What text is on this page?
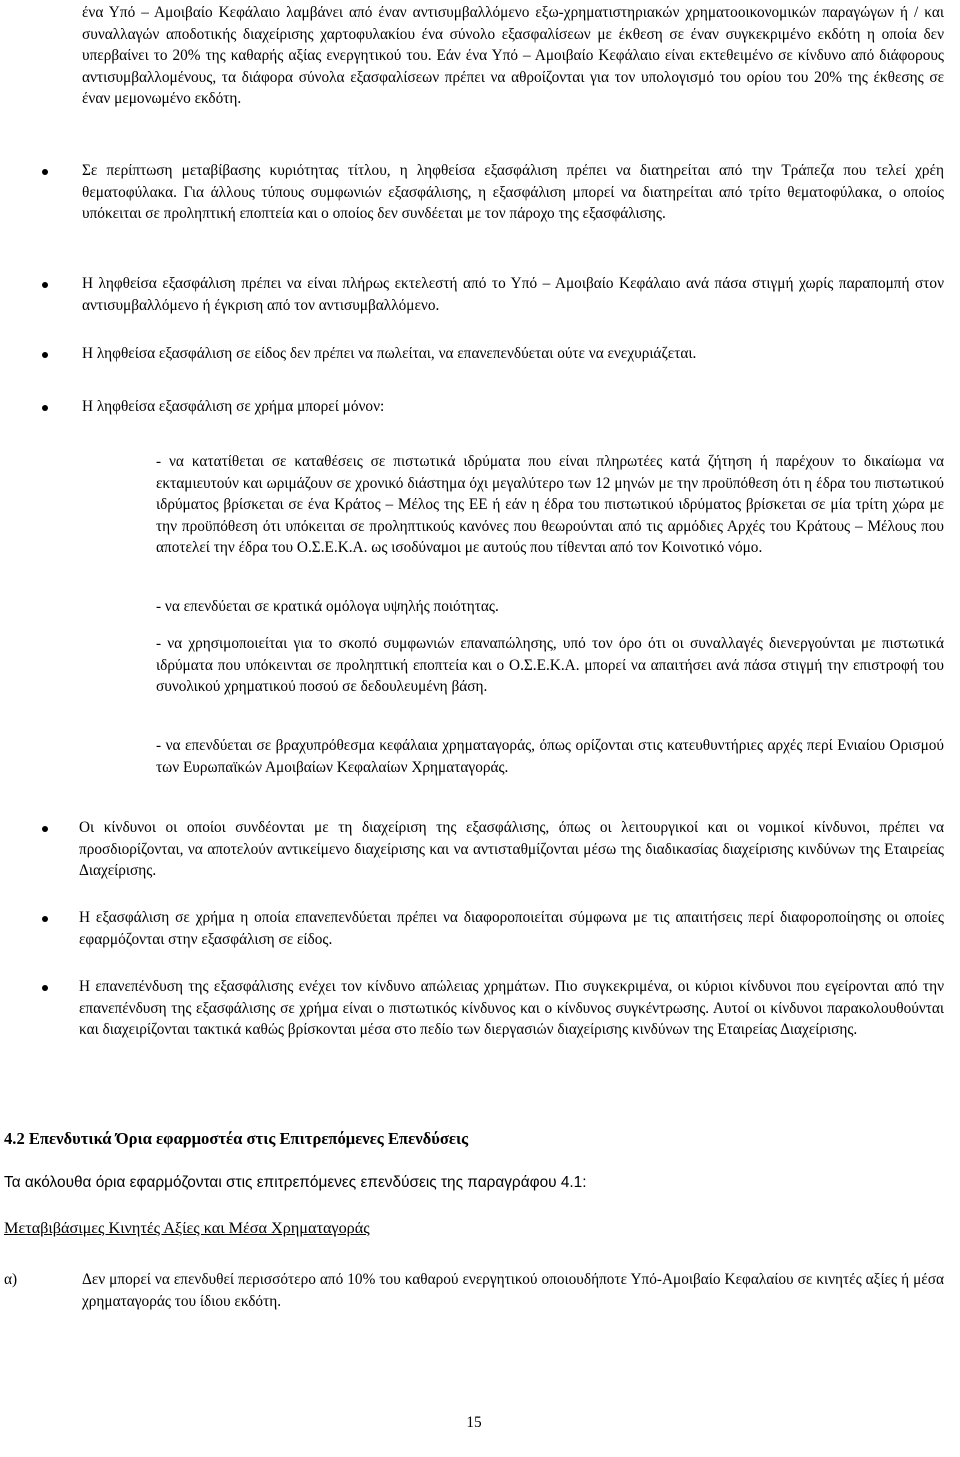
ένα Υπό – Αμοιβαίο Κεφάλαιο λαμβάνει από έναν αντισυμβαλλόμενο εξω-χρηματιστηριακών χρηματοοικονομικών παραγώγων ή / και συναλλαγών αποδοτικής διαχείρισης χαρτοφυλακίου ένα σύνολο εξασφαλίσεων με έκθεση σε έναν συγκεκριμένο εκδότη η οποία δεν υπερβαίνει το 20% της καθαρής αξίας ενεργητικού του. Εάν ένα Υπό – Αμοιβαίο Κεφάλαιο είναι εκτεθειμένο σε κίνδυνο από διάφορους αντισυμβαλλομένους, τα διάφορα σύνολα εξασφαλίσεων πρέπει να αθροίζονται για τον υπολογισμό του ορίου του 20% της έκθεσης σε έναν μεμονωμένο εκδότη.

Σε περίπτωση μεταβίβασης κυριότητας τίτλου, η ληφθείσα εξασφάλιση πρέπει να διατηρείται από την Τράπεζα που τελεί χρέη θεματοφύλακα. Για άλλους τύπους συμφωνιών εξασφάλισης, η εξασφάλιση μπορεί να διατηρείται από τρίτο θεματοφύλακα, ο οποίος υπόκειται σε προληπτική εποπτεία και ο οποίος δεν συνδέεται με τον πάροχο της εξασφάλισης.

Η ληφθείσα εξασφάλιση πρέπει να είναι πλήρως εκτελεστή από το Υπό – Αμοιβαίο Κεφάλαιο ανά πάσα στιγμή χωρίς παραπομπή στον αντισυμβαλλόμενο ή έγκριση από τον αντισυμβαλλόμενο.

Η ληφθείσα εξασφάλιση σε είδος δεν πρέπει να πωλείται, να επανεπενδύεται ούτε να ενεχυριάζεται.

Η ληφθείσα εξασφάλιση σε χρήμα μπορεί μόνον:

- να κατατίθεται σε καταθέσεις σε πιστωτικά ιδρύματα που είναι πληρωτέες κατά ζήτηση ή παρέχουν το δικαίωμα να εκταμιευτούν και ωριμάζουν σε χρονικό διάστημα όχι μεγαλύτερο των 12 μηνών με την προϋπόθεση ότι η έδρα του πιστωτικού ιδρύματος βρίσκεται σε ένα Κράτος – Μέλος της ΕΕ ή εάν η έδρα του πιστωτικού ιδρύματος βρίσκεται σε μία τρίτη χώρα με την προϋπόθεση ότι υπόκειται σε προληπτικούς κανόνες που θεωρούνται από τις αρμόδιες Αρχές του Κράτους – Μέλους που αποτελεί την έδρα του Ο.Σ.Ε.Κ.Α. ως ισοδύναμοι με αυτούς που τίθενται από τον Κοινοτικό νόμο.

- να επενδύεται σε κρατικά ομόλογα υψηλής ποιότητας.

- να χρησιμοποιείται για το σκοπό συμφωνιών επαναπώλησης, υπό τον όρο ότι οι συναλλαγές διενεργούνται με πιστωτικά ιδρύματα που υπόκεινται σε προληπτική εποπτεία και ο Ο.Σ.Ε.Κ.Α. μπορεί να απαιτήσει ανά πάσα στιγμή την επιστροφή του συνολικού χρηματικού ποσού σε δεδουλευμένη βάση.

- να επενδύεται σε βραχυπρόθεσμα κεφάλαια χρηματαγοράς, όπως ορίζονται στις κατευθυντήριες αρχές περί Ενιαίου Ορισμού των Ευρωπαϊκών Αμοιβαίων Κεφαλαίων Χρηματαγοράς.

Οι κίνδυνοι οι οποίοι συνδέονται με τη διαχείριση της εξασφάλισης, όπως οι λειτουργικοί και οι νομικοί κίνδυνοι, πρέπει να προσδιορίζονται, να αποτελούν αντικείμενο διαχείρισης και να αντισταθμίζονται μέσω της διαδικασίας διαχείρισης κινδύνων της Εταιρείας Διαχείρισης.

Η εξασφάλιση σε χρήμα η οποία επανεπενδύεται πρέπει να διαφοροποιείται σύμφωνα με τις απαιτήσεις περί διαφοροποίησης οι οποίες εφαρμόζονται στην εξασφάλιση σε είδος.

Η επανεπένδυση της εξασφάλισης ενέχει τον κίνδυνο απώλειας χρημάτων. Πιο συγκεκριμένα, οι κύριοι κίνδυνοι που εγείρονται από την επανεπένδυση της εξασφάλισης σε χρήμα είναι ο πιστωτικός κίνδυνος και ο κίνδυνος συγκέντρωσης. Αυτοί οι κίνδυνοι παρακολουθούνται και διαχειρίζονται τακτικά καθώς βρίσκονται μέσα στο πεδίο των διεργασιών διαχείρισης κινδύνων της Εταιρείας Διαχείρισης.

4.2 Επενδυτικά Όρια εφαρμοστέα στις Επιτρεπόμενες Επενδύσεις

Τα ακόλουθα όρια εφαρμόζονται στις επιτρεπόμενες επενδύσεις της παραγράφου 4.1:

Μεταβιβάσιμες Κινητές Αξίες και Μέσα Χρηματαγοράς
α)	Δεν μπορεί να επενδυθεί περισσότερο από 10% του καθαρού ενεργητικού οποιουδήποτε Υπό-Αμοιβαίο Κεφαλαίου σε κινητές αξίες ή μέσα χρηματαγοράς του ίδιου εκδότη.

15
